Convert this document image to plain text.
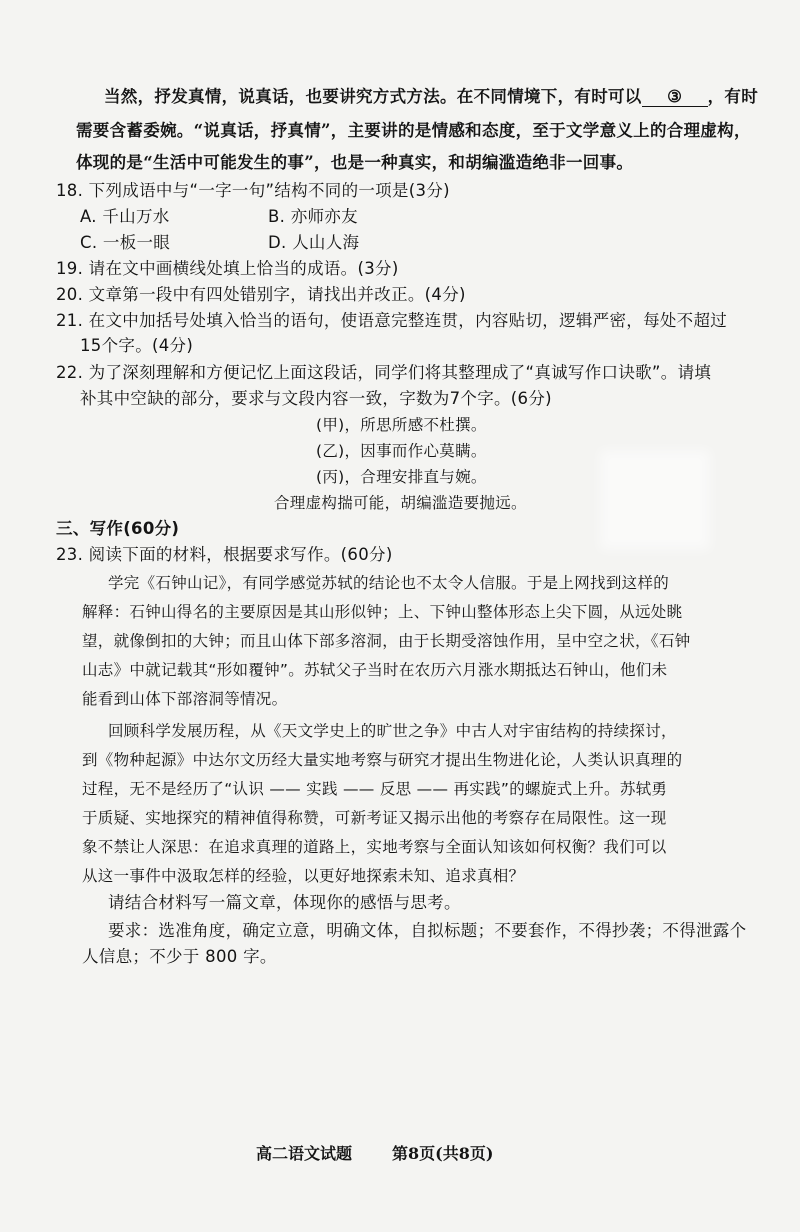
当然，抒发真情，说真话，也要讲究方式方法。在不同情境下，有时可以 ③ ，有时
需要含蓄委婉。“说真话，抒真情”，主要讲的是情感和态度，至于文学意义上的合理虚构，
体现的是“生活中可能发生的事”，也是一种真实，和胡编滥造绝非一回事。
18. 下列成语中与“一字一句”结构不同的一项是(3分)
A. 千山万水	B. 亦师亦友
C. 一板一眼	D. 人山人海
19. 请在文中画横线处填上恰当的成语。(3分)
20. 文章第一段中有四处错别字，请找出并改正。(4分)
21. 在文中加括号处填入恰当的语句，使语意完整连贯，内容贴切，逻辑严密，每处不超过
15个字。(4分)
22. 为了深刻理解和方便记忆上面这段话，同学们将其整理成了“真诚写作口诀歌”。请填
补其中空缺的部分，要求与文段内容一致，字数为7个字。(6分)
(甲)，所思所感不杜撰。
(乙)，因事而作心莫瞒。
(丙)，合理安排直与婉。
合理虚构揣可能，胡编滥造要抛远。
三、写作(60分)
23. 阅读下面的材料，根据要求写作。(60分)
学完《石钟山记》，有同学感觉苏轼的结论也不太令人信服。于是上网找到这样的
解释：石钟山得名的主要原因是其山形似钟；上、下钟山整体形态上尖下圆，从远处眺
望，就像倒扣的大钟；而且山体下部多溶洞，由于长期受溶蚀作用，呈中空之状，《石钟
山志》中就记载其“形如覆钟”。苏轼父子当时在农历六月涨水期抵达石钟山，他们未
能看到山体下部溶洞等情况。
回顾科学发展历程，从《天文学史上的旷世之争》中古人对宇宙结构的持续探讨，
到《物种起源》中达尔文历经大量实地考察与研究才提出生物进化论，人类认识真理的
过程，无不是经历了“认识 —— 实践 —— 反思 —— 再实践”的螺旋式上升。苏轼勇
于质疑、实地探究的精神值得称赞，可新考证又揭示出他的考察存在局限性。这一现
象不禁让人深思：在追求真理的道路上，实地考察与全面认知该如何权衡？我们可以
从这一事件中汲取怎样的经验，以更好地探索未知、追求真相？
请结合材料写一篇文章，体现你的感悟与思考。
要求：选准角度，确定立意，明确文体，自拟标题；不要套作，不得抄袭；不得泄露个
人信息；不少于 800 字。
高二语文试题	第8页(共8页)
